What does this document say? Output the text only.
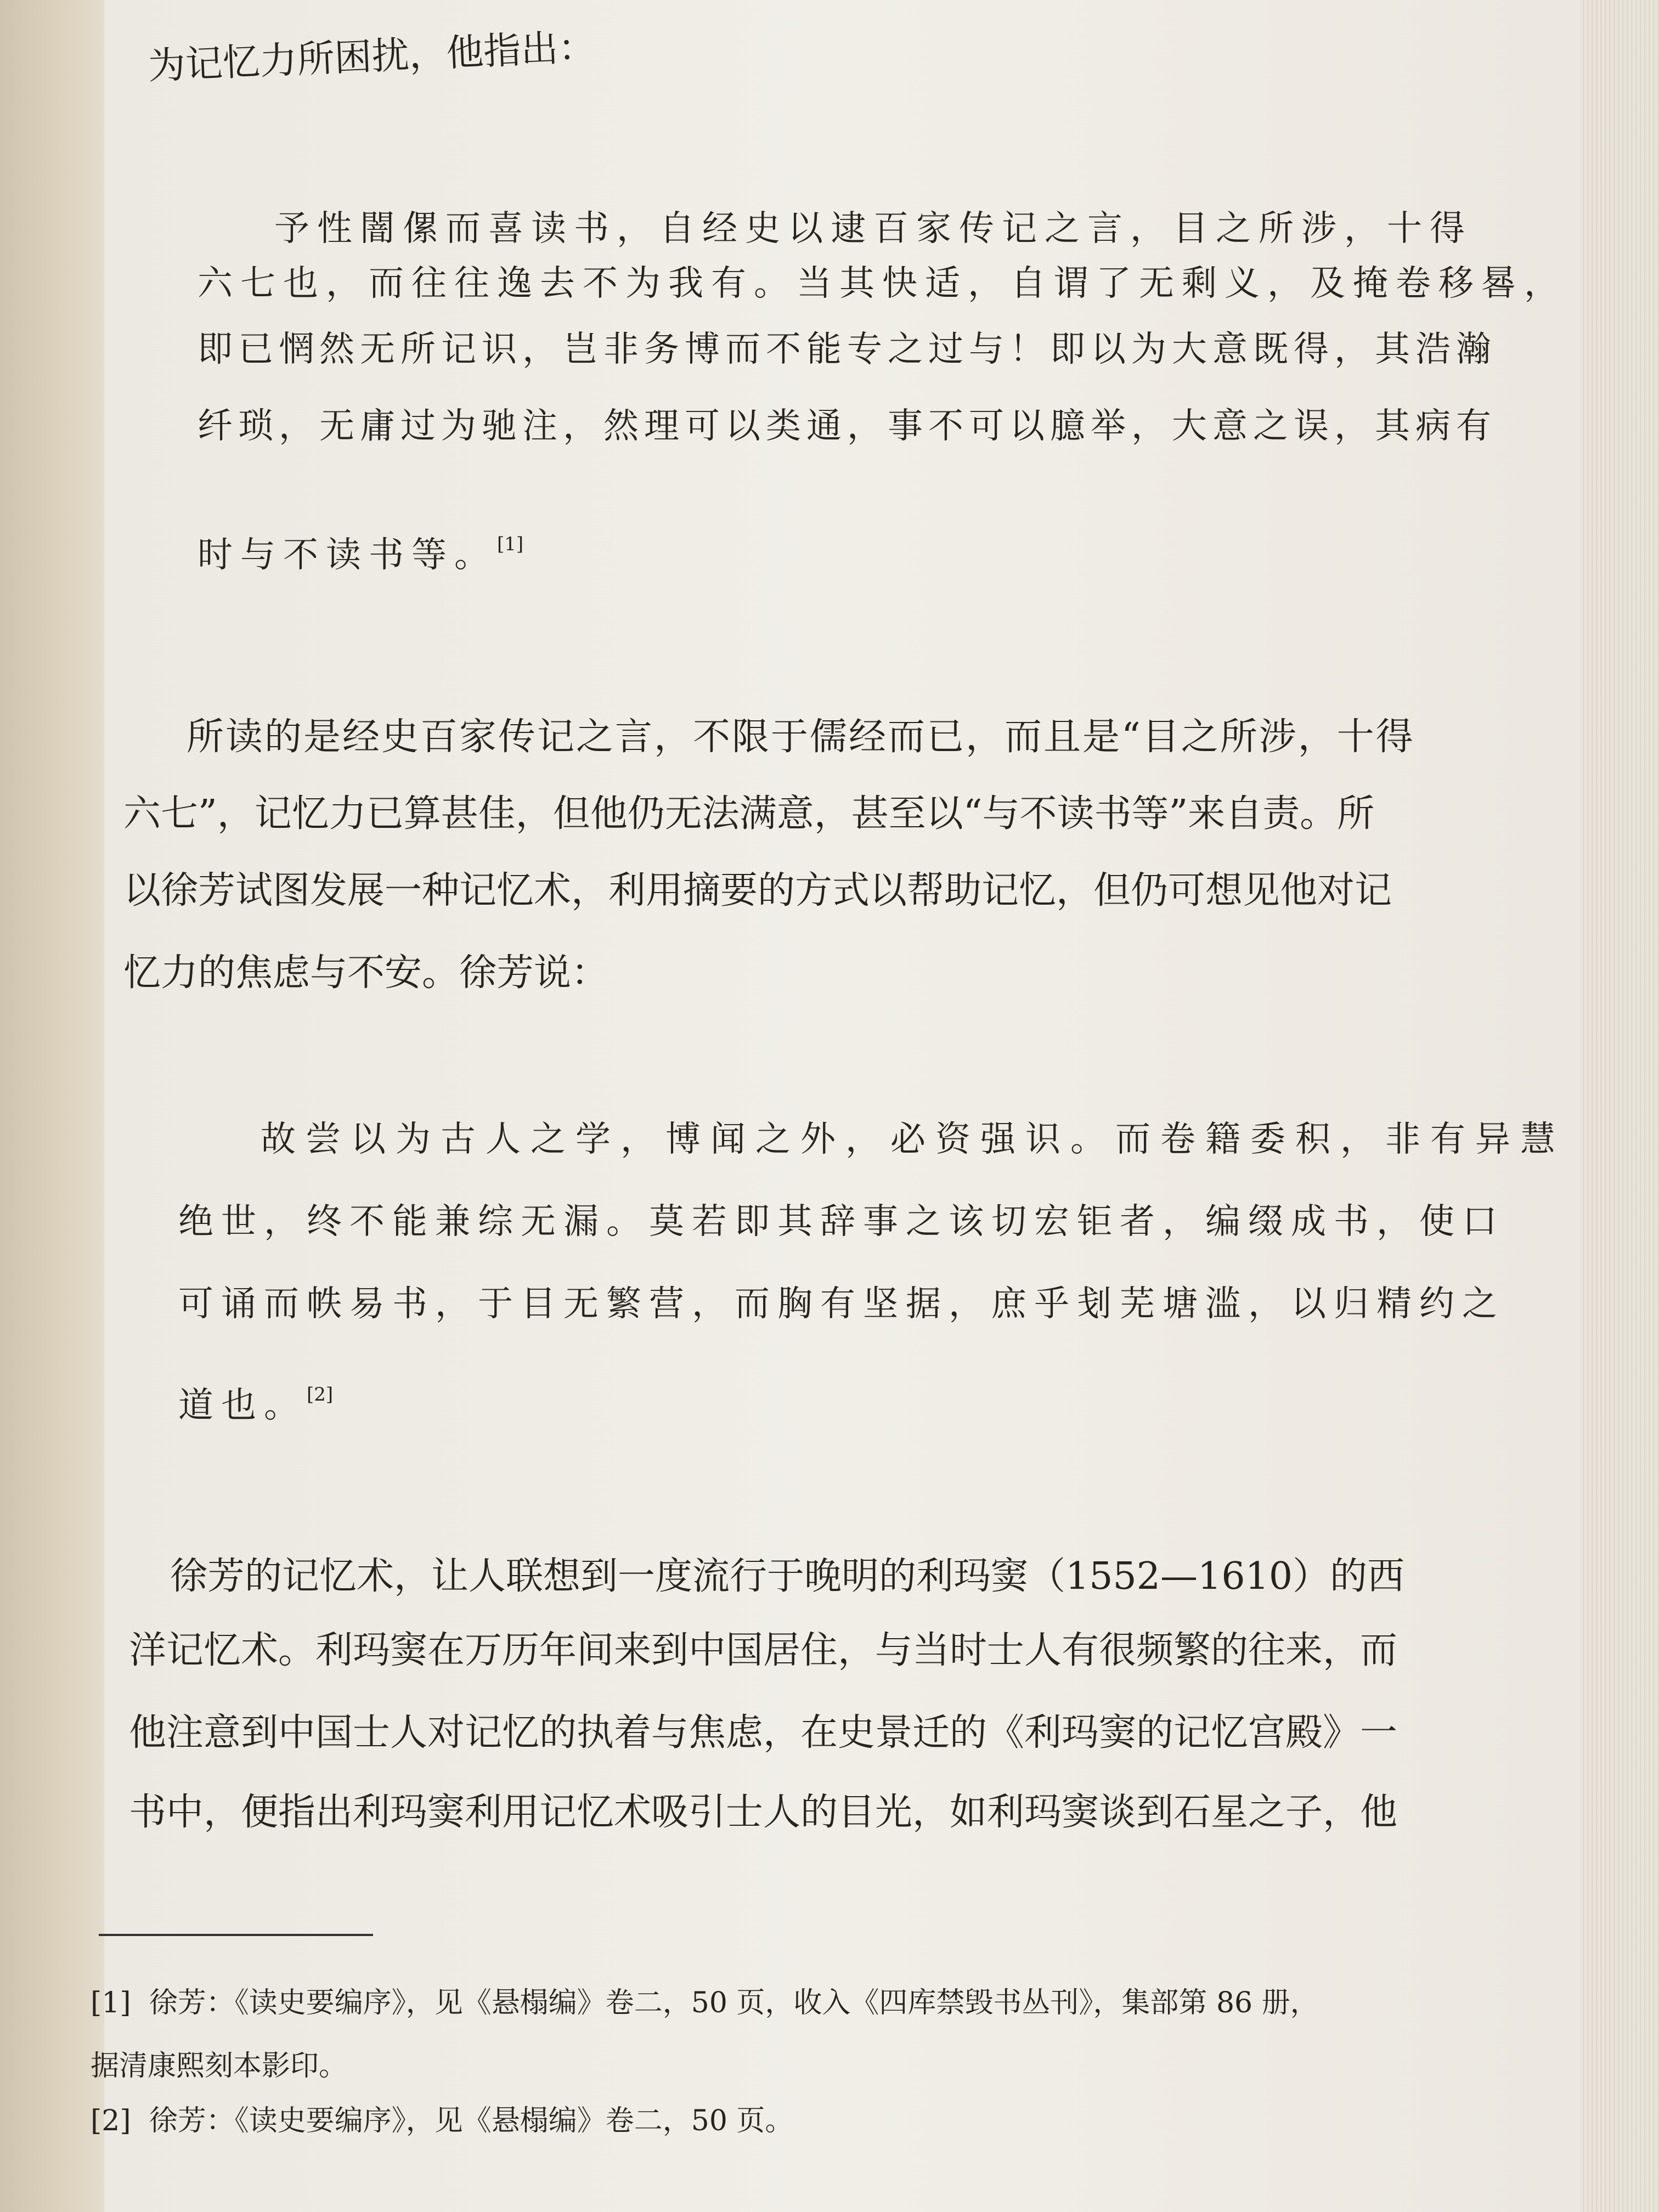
为记忆力所困扰，他指出：

予性闇傫而喜读书，自经史以逮百家传记之言，目之所涉，十得

六七也，而往往逸去不为我有。当其快适，自谓了无剩义，及掩卷移晷，

即已惘然无所记识，岂非务博而不能专之过与！即以为大意既得，其浩瀚

纤琐，无庸过为驰注，然理可以类通，事不可以臆举，大意之误，其病有

时与不读书等。[1]

所读的是经史百家传记之言，不限于儒经而已，而且是“目之所涉，十得

六七”，记忆力已算甚佳，但他仍无法满意，甚至以“与不读书等”来自责。所

以徐芳试图发展一种记忆术，利用摘要的方式以帮助记忆，但仍可想见他对记

忆力的焦虑与不安。徐芳说：

故尝以为古人之学，博闻之外，必资强识。而卷籍委积，非有异慧

绝世，终不能兼综无漏。莫若即其辞事之该切宏钜者，编缀成书，使口

可诵而帙易书，于目无繁营，而胸有坚据，庶乎刬芜塘滥，以归精约之

道也。[2]

徐芳的记忆术，让人联想到一度流行于晚明的利玛窦（1552—1610）的西

洋记忆术。利玛窦在万历年间来到中国居住，与当时士人有很频繁的往来，而

他注意到中国士人对记忆的执着与焦虑，在史景迁的《利玛窦的记忆宫殿》一

书中，便指出利玛窦利用记忆术吸引士人的目光，如利玛窦谈到石星之子，他

[1] 徐芳：《读史要编序》，见《悬榻编》卷二，50 页，收入《四库禁毁书丛刊》，集部第 86 册，

据清康熙刻本影印。

[2] 徐芳：《读史要编序》，见《悬榻编》卷二，50 页。
